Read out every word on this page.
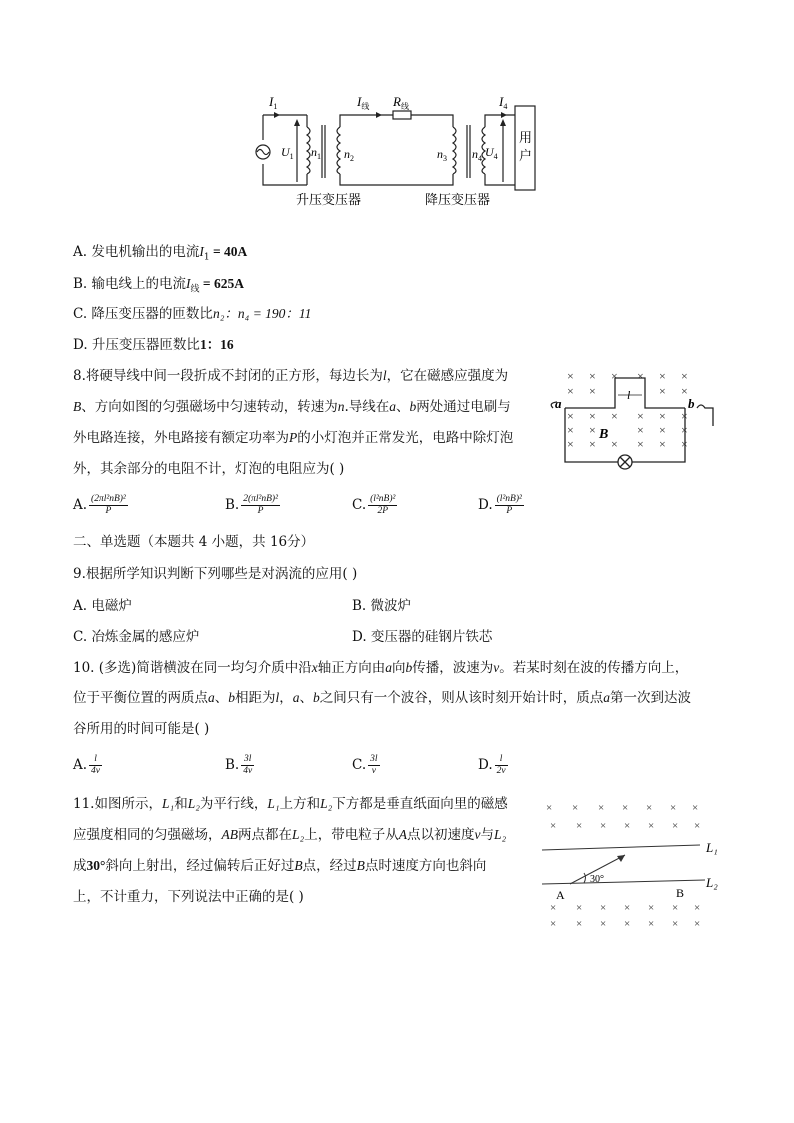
$I_1$	$I_线$ $R_线$	$I_4$
$U_1$ $n_1$ $n_2$	$n_3$ $n_4$ $U_4$
用
户
升压变压器	降压变压器
A. 发电机输出的电流$I_1 = 40A$
B. 输电线上的电流$I_线 = 625A$
C. 降压变压器的匝数比n₂：n₄ = 190：11
D. 升压变压器匝数比1：16
8.将硬导线中间一段折成不封闭的正方形，每边长为l，它在磁感应强度为
B、方向如图的匀强磁场中匀速转动，转速为n.导线在a、b两处通过电刷与
外电路连接，外电路接有额定功率为P的小灯泡并正常发光，电路中除灯泡
外，其余部分的电阻不计，灯泡的电阻应为( )
× × × × × ×
× ×	× ×
× × × × × ×
× ×	× × ×
× × × × × ×
a	b
l
B
A. $\frac{\text{(2πl²nB)²}}{P}$	B. $\frac{\text{2(πl²nB)²}}{P}$	C. $\frac{\text{(l²nB)²}}{2P}$	D. $\frac{\text{(l²nB)²}}{P}$
二、单选题（本题共 4 小题，共 16分）
9.根据所学知识判断下列哪些是对涡流的应用( )
A. 电磁炉	B. 微波炉
C. 冶炼金属的感应炉	D. 变压器的硅钢片铁芯
10. (多选)简谐横波在同一均匀介质中沿x轴正方向由a向b传播，波速为v。若某时刻在波的传播方向上，
位于平衡位置的两质点a、b相距为l，a、b之间只有一个波谷，则从该时刻开始计时，质点a第一次到达波
谷所用的时间可能是( )
A. $\frac{l}{4v}$	B. $\frac{3l}{4v}$	C. $\frac{3l}{v}$	D. $\frac{l}{2v}$
11.如图所示，L₁和L₂为平行线，L₁上方和L₂下方都是垂直纸面向里的磁感
应强度相同的匀强磁场，AB两点都在L₂上，带电粒子从A点以初速度v与L₂
成30°斜向上射出，经过偏转后正好过B点，经过B点时速度方向也斜向
上，不计重力，下列说法中正确的是( )
× × × × × × ×
× × × × × × ×
L₁
L₂
A	B
30°
× × × × × × ×
× × × × × × ×
